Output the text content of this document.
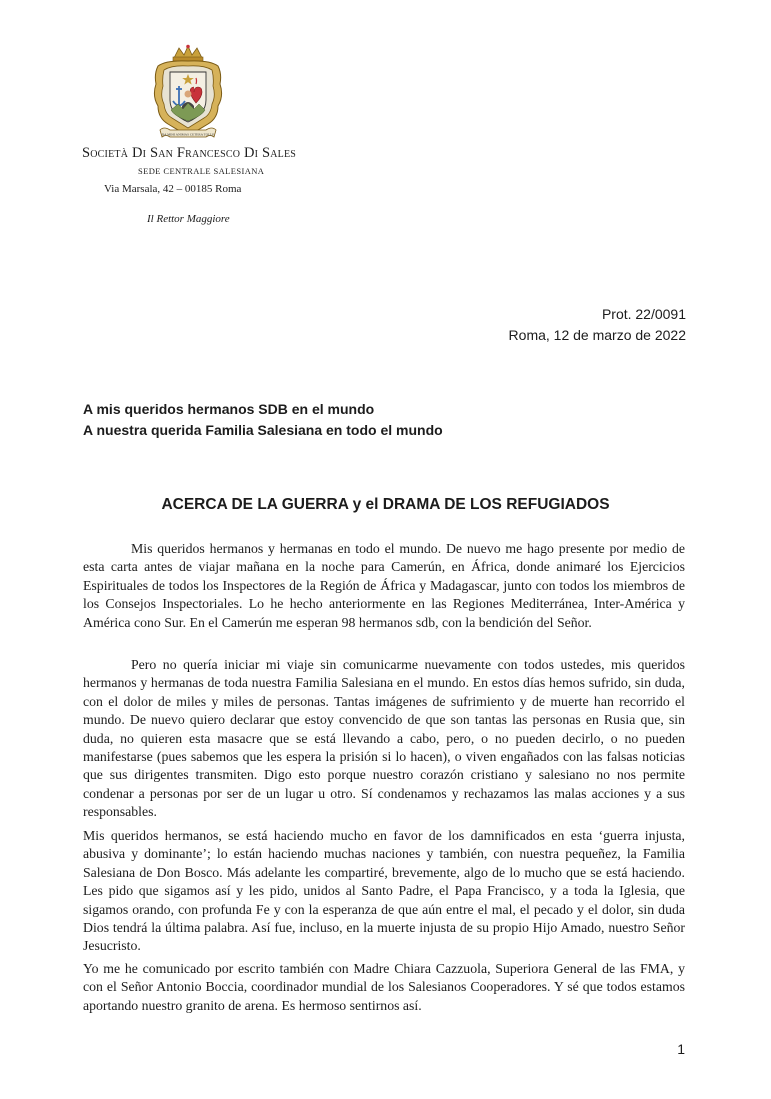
DA MIHI ANIMAS CETERA TOLLE
Società Di San Francesco Di Sales
SEDE CENTRALE SALESIANA
Via Marsala, 42 – 00185 Roma
Il Rettor Maggiore
Prot. 22/0091
Roma, 12 de marzo de 2022
A mis queridos hermanos SDB en el mundo
A nuestra querida Familia Salesiana en todo el mundo
ACERCA DE LA GUERRA y el DRAMA DE LOS REFUGIADOS

Mis queridos hermanos y hermanas en todo el mundo. De nuevo me hago presente por medio de esta carta antes de viajar mañana en la noche para Camerún, en África, donde animaré los Ejercicios Espirituales de todos los Inspectores de la Región de África y Madagascar, junto con todos los miembros de los Consejos Inspectoriales. Lo he hecho anteriormente en las Regiones Mediterránea, Inter-América y América cono Sur. En el Camerún me esperan 98 hermanos sdb, con la bendición del Señor.

Pero no quería iniciar mi viaje sin comunicarme nuevamente con todos ustedes, mis queridos hermanos y hermanas de toda nuestra Familia Salesiana en el mundo. En estos días hemos sufrido, sin duda, con el dolor de miles y miles de personas. Tantas imágenes de sufrimiento y de muerte han recorrido el mundo. De nuevo quiero declarar que estoy convencido de que son tantas las personas en Rusia que, sin duda, no quieren esta masacre que se está llevando a cabo, pero, o no pueden decirlo, o no pueden manifestarse (pues sabemos que les espera la prisión si lo hacen), o viven engañados con las falsas noticias que sus dirigentes transmiten. Digo esto porque nuestro corazón cristiano y salesiano no nos permite condenar a personas por ser de un lugar u otro. Sí condenamos y rechazamos las malas acciones y a sus responsables.

Mis queridos hermanos, se está haciendo mucho en favor de los damnificados en esta ‘guerra injusta, abusiva y dominante’; lo están haciendo muchas naciones y también, con nuestra pequeñez, la Familia Salesiana de Don Bosco. Más adelante les compartiré, brevemente, algo de lo mucho que se está haciendo. Les pido que sigamos así y les pido, unidos al Santo Padre, el Papa Francisco, y a toda la Iglesia, que sigamos orando, con profunda Fe y con la esperanza de que aún entre el mal, el pecado y el dolor, sin duda Dios tendrá la última palabra. Así fue, incluso, en la muerte injusta de su propio Hijo Amado, nuestro Señor Jesucristo.

Yo me he comunicado por escrito también con Madre Chiara Cazzuola, Superiora General de las FMA, y con el Señor Antonio Boccia, coordinador mundial de los Salesianos Cooperadores. Y sé que todos estamos aportando nuestro granito de arena. Es hermoso sentirnos así.

1
